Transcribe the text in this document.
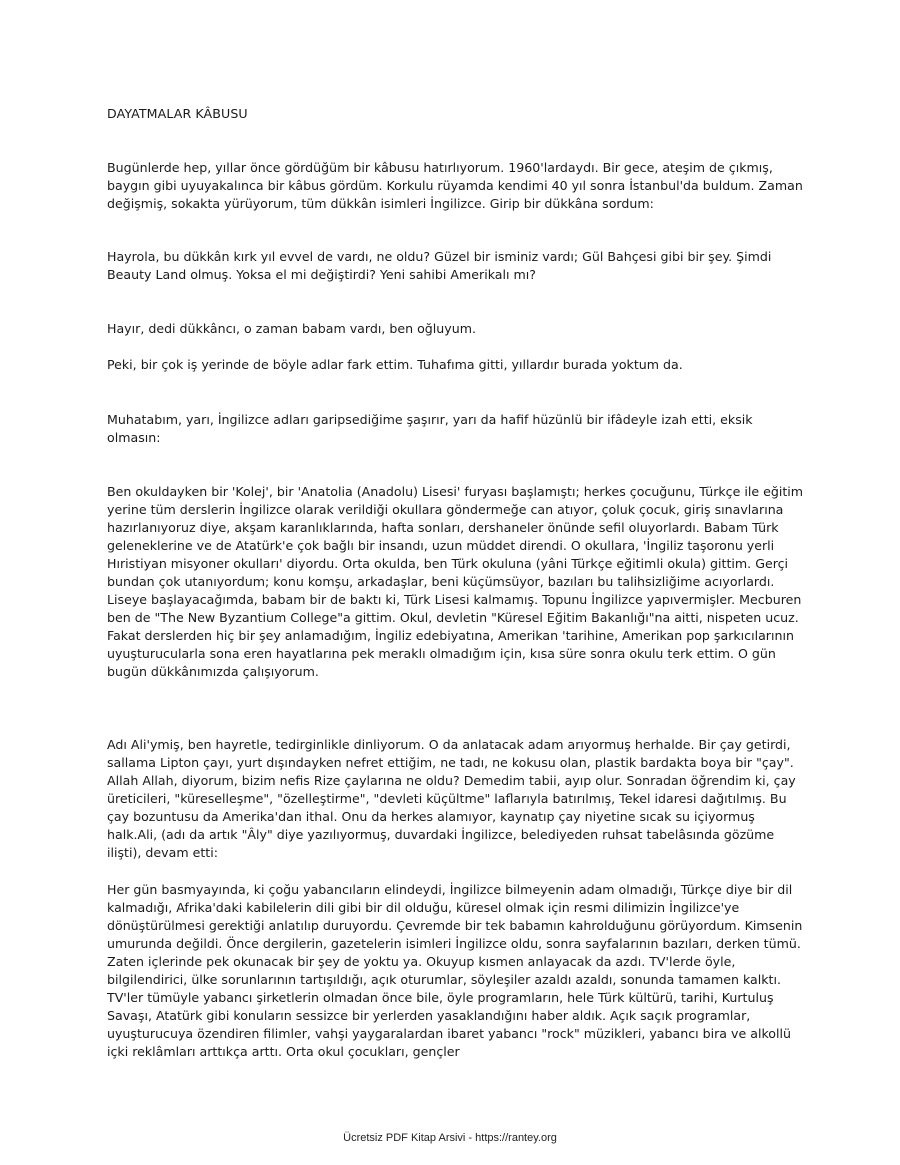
DAYATMALAR KÂBUSU

Bugünlerde hep, yıllar önce gördüğüm bir kâbusu hatırlıyorum. 1960'lardaydı. Bir gece, ateşim de çıkmış, baygın gibi uyuyakalınca bir kâbus gördüm. Korkulu rüyamda kendimi 40 yıl sonra İstanbul'da buldum. Zaman değişmiş, sokakta yürüyorum, tüm dükkân isimleri İngilizce. Girip bir dükkâna sordum:

Hayrola, bu dükkân kırk yıl evvel de vardı, ne oldu? Güzel bir isminiz vardı; Gül Bahçesi gibi bir şey. Şimdi Beauty Land olmuş. Yoksa el mi değiştirdi? Yeni sahibi Amerikalı mı?

Hayır, dedi dükkâncı, o zaman babam vardı, ben oğluyum.

Peki, bir çok iş yerinde de böyle adlar fark ettim. Tuhafıma gitti, yıllardır burada yoktum da.

Muhatabım, yarı, İngilizce adları garipsediğime şaşırır, yarı da hafif hüzünlü bir ifâdeyle izah etti, eksik olmasın:

Ben okuldayken bir 'Kolej', bir 'Anatolia (Anadolu) Lisesi' furyası başlamıştı; herkes çocuğunu, Türkçe ile eğitim yerine tüm derslerin İngilizce olarak verildiği okullara göndermeğe can atıyor, çoluk çocuk, giriş sınavlarına hazırlanıyoruz diye, akşam karanlıklarında, hafta sonları, dershaneler önünde sefil oluyorlardı. Babam Türk geleneklerine ve de Atatürk'e çok bağlı bir insandı, uzun müddet direndi. O okullara, 'İngiliz taşoronu yerli Hıristiyan misyoner okulları' diyordu. Orta okulda, ben Türk okuluna (yâni Türkçe eğitimli okula) gittim. Gerçi bundan çok utanıyordum; konu komşu, arkadaşlar, beni küçümsüyor, bazıları bu talihsizliğime acıyorlardı. Liseye başlayacağımda, babam bir de baktı ki, Türk Lisesi kalmamış. Topunu İngilizce yapıvermişler. Mecburen ben de "The New Byzantium College"a gittim. Okul, devletin "Küresel Eğitim Bakanlığı"na aitti, nispeten ucuz. Fakat derslerden hiç bir şey anlamadığım, İngiliz edebiyatına, Amerikan 'tarihine, Amerikan pop şarkıcılarının uyuşturucularla sona eren hayatlarına pek meraklı olmadığım için, kısa süre sonra okulu terk ettim. O gün bugün dükkânımızda çalışıyorum.

Adı Ali'ymiş, ben hayretle, tedirginlikle dinliyorum. O da anlatacak adam arıyormuş herhalde. Bir çay getirdi, sallama Lipton çayı, yurt dışındayken nefret ettiğim, ne tadı, ne kokusu olan, plastik bardakta boya bir "çay". Allah Allah, diyorum, bizim nefis Rize çaylarına ne oldu? Demedim tabii, ayıp olur. Sonradan öğrendim ki, çay üreticileri, "küreselleşme", "özelleştirme", "devleti küçültme" laflarıyla batırılmış, Tekel idaresi dağıtılmış. Bu çay bozuntusu da Amerika'dan ithal. Onu da herkes alamıyor, kaynatıp çay niyetine sıcak su içiyormuş halk.Ali, (adı da artık "Âly" diye yazılıyormuş, duvardaki İngilizce, belediyeden ruhsat tabelâsında gözüme ilişti), devam etti:

Her gün basmyayında, ki çoğu yabancıların elindeydi, İngilizce bilmeyenin adam olmadığı, Türkçe diye bir dil kalmadığı, Afrika'daki kabilelerin dili gibi bir dil olduğu, küresel olmak için resmi dilimizin İngilizce'ye dönüştürülmesi gerektiği anlatılıp duruyordu. Çevremde bir tek babamın kahrolduğunu görüyordum. Kimsenin umurunda değildi. Önce dergilerin, gazetelerin isimleri İngilizce oldu, sonra sayfalarının bazıları, derken tümü. Zaten içlerinde pek okunacak bir şey de yoktu ya. Okuyup kısmen anlayacak da azdı. TV'lerde öyle, bilgilendirici, ülke sorunlarının tartışıldığı, açık oturumlar, söyleşiler azaldı azaldı, sonunda tamamen kalktı. TV'ler tümüyle yabancı şirketlerin olmadan önce bile, öyle programların, hele Türk kültürü, tarihi, Kurtuluş Savaşı, Atatürk gibi konuların sessizce bir yerlerden yasaklandığını haber aldık. Açık saçık programlar, uyuşturucuya özendiren filimler, vahşi yaygaralardan ibaret yabancı "rock" müzikleri, yabancı bira ve alkollü içki reklâmları arttıkça arttı. Orta okul çocukları, gençler

Ücretsiz PDF Kitap Arsivi - https://rantey.org
